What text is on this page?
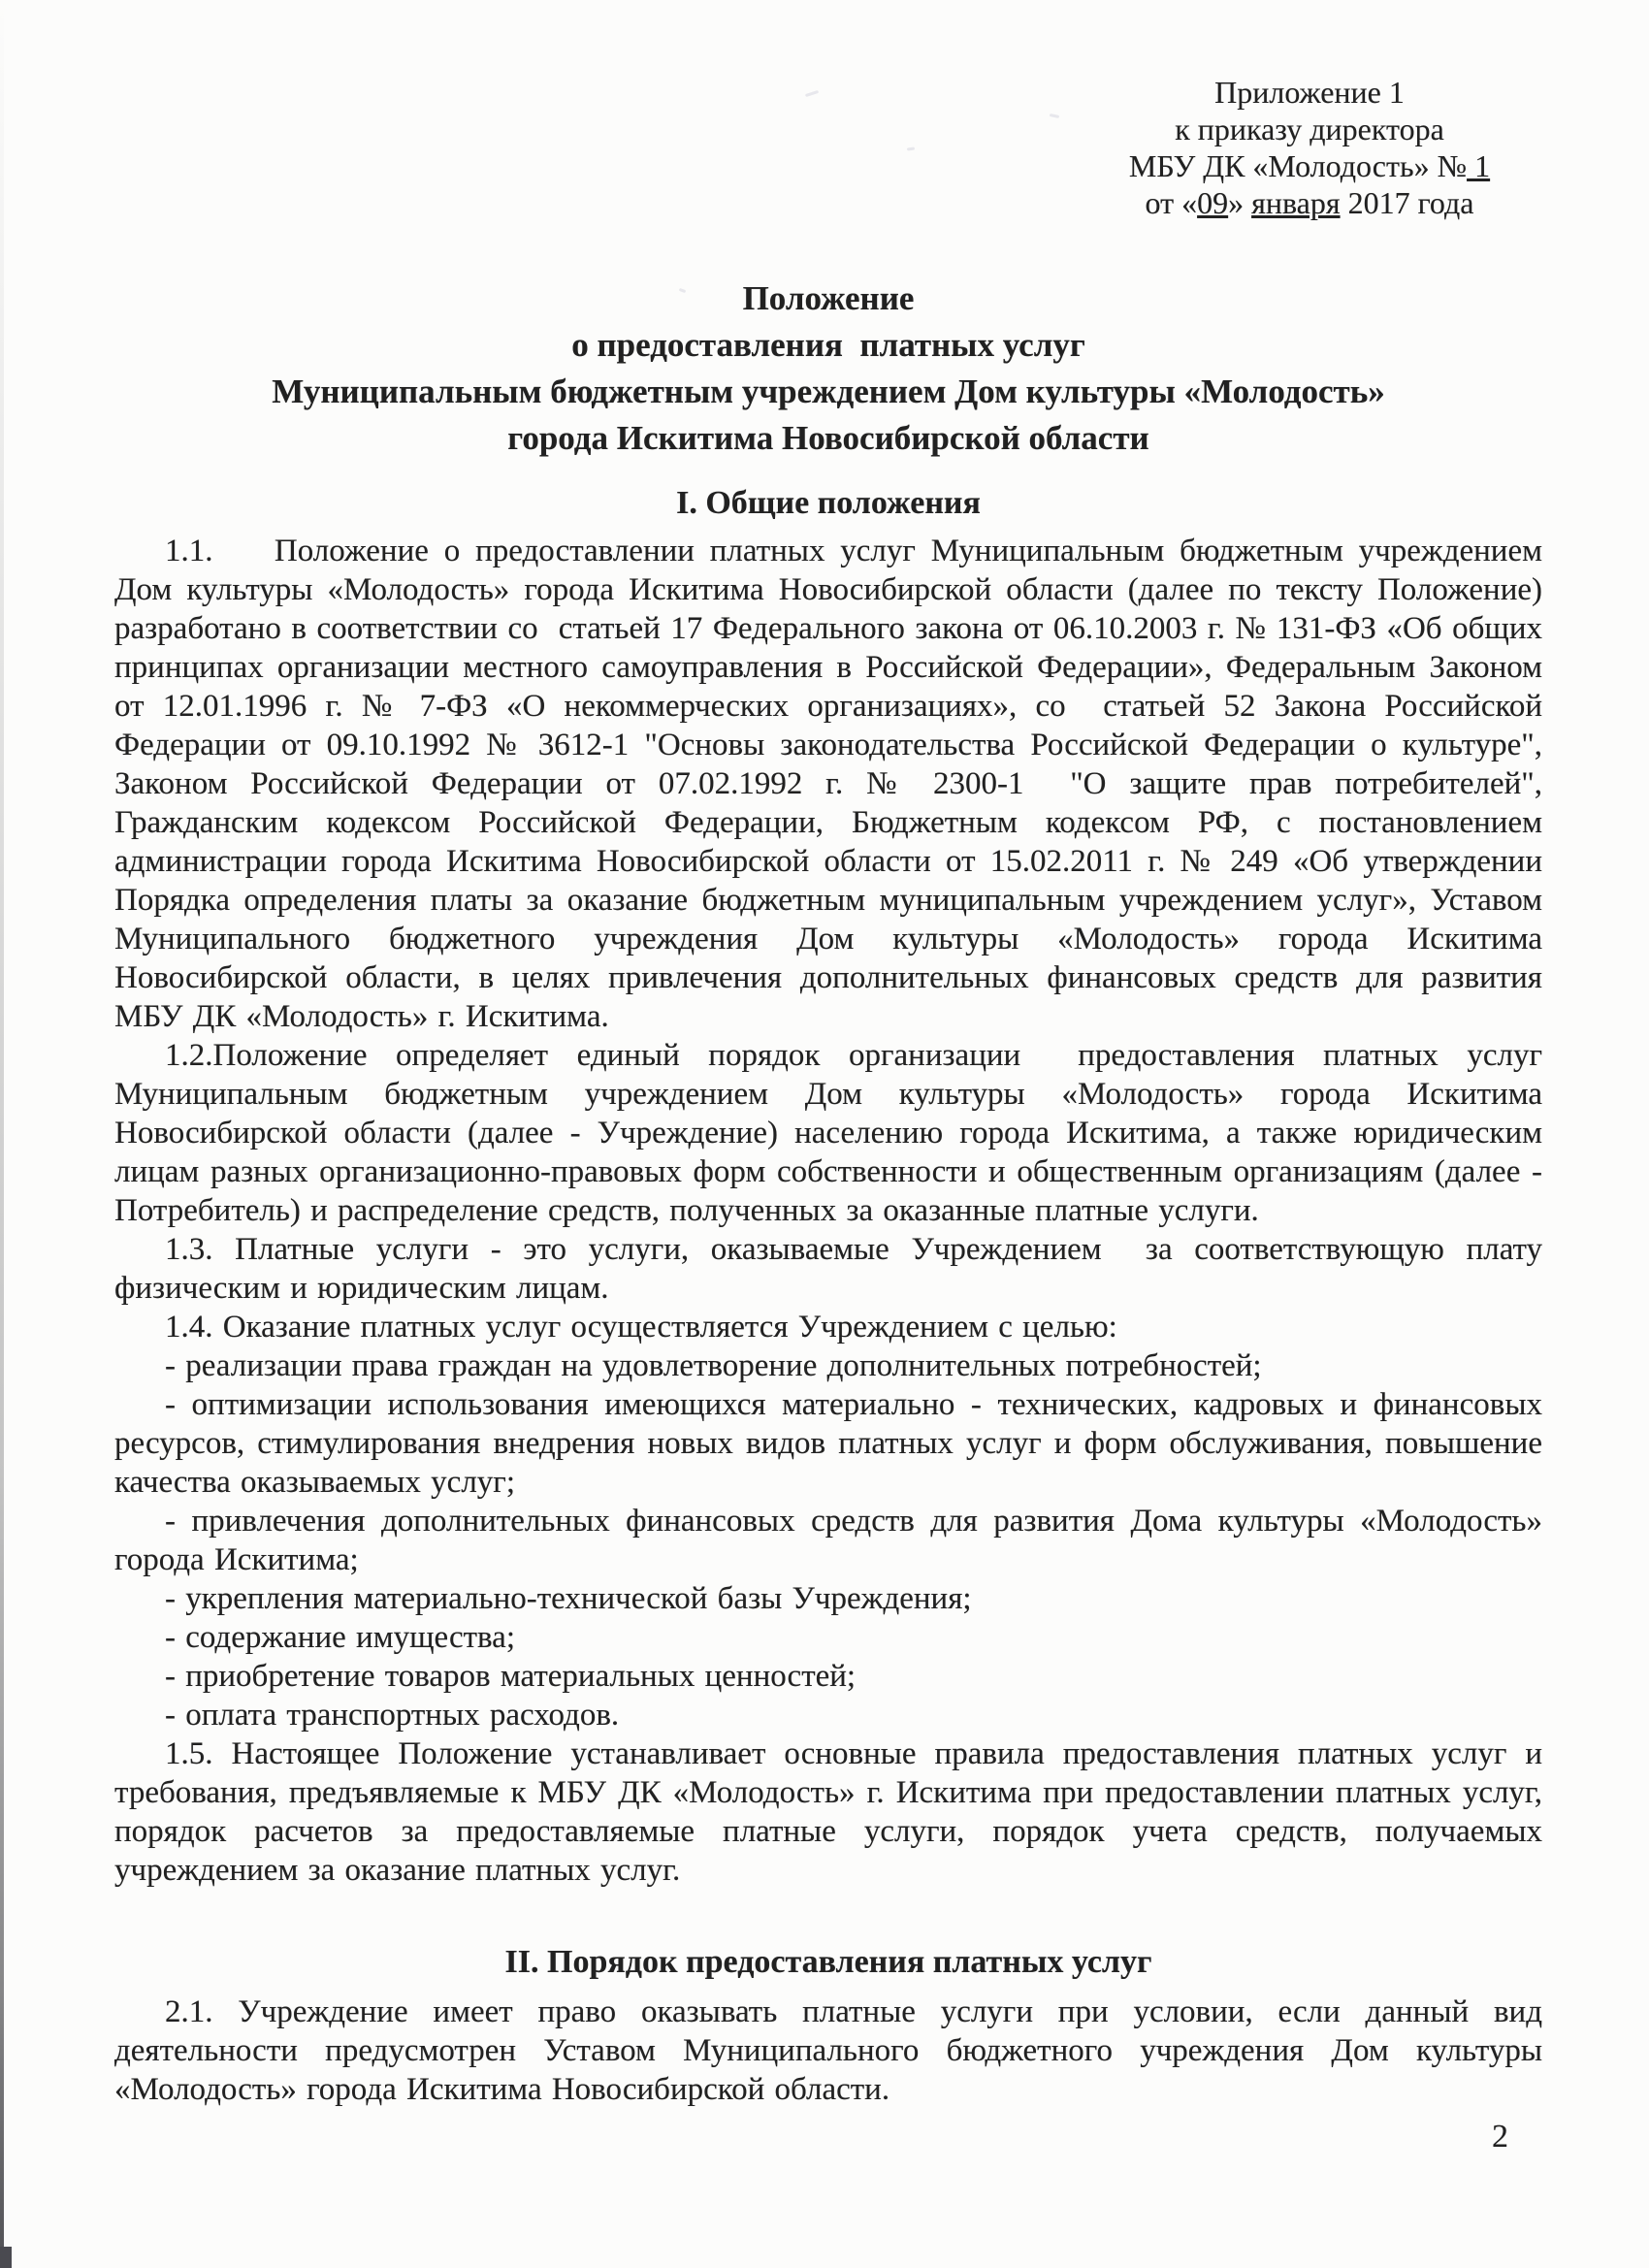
Приложение 1
к приказу директора
МБУ ДК «Молодость» № 1
от «09» января 2017 года
Положение
о предоставления  платных услуг
Муниципальным бюджетным учреждением Дом культуры «Молодость»
города Искитима Новосибирской области
I. Общие положения

1.1.    Положение о предоставлении платных услуг Муниципальным бюджетным учреждением Дом культуры «Молодость» города Искитима Новосибирской области (далее по тексту Положение) разработано в соответствии со  статьей 17 Федерального закона от 06.10.2003 г. № 131-ФЗ «Об общих принципах организации местного самоуправления в Российской Федерации», Федеральным Законом от 12.01.1996 г. № 7-ФЗ «О некоммерческих организациях», со  статьей 52 Закона Российской Федерации от 09.10.1992 № 3612-1 "Основы законодательства Российской Федерации о культуре", Законом Российской Федерации от 07.02.1992 г. № 2300-1  "О защите прав потребителей", Гражданским кодексом Российской Федерации, Бюджетным кодексом РФ, с постановлением администрации города Искитима Новосибирской области от 15.02.2011 г. № 249 «Об утверждении Порядка определения платы за оказание бюджетным муниципальным учреждением услуг», Уставом Муниципального бюджетного учреждения Дом культуры «Молодость» города Искитима Новосибирской области, в целях привлечения дополнительных финансовых средств для развития МБУ ДК «Молодость» г. Искитима.

1.2.Положение определяет единый порядок организации  предоставления платных услуг Муниципальным бюджетным учреждением Дом культуры «Молодость» города Искитима Новосибирской области (далее - Учреждение) населению города Искитима, а также юридическим лицам разных организационно-правовых форм собственности и общественным организациям (далее - Потребитель) и распределение средств, полученных за оказанные платные услуги.

1.3. Платные услуги - это услуги, оказываемые Учреждением  за соответствующую плату физическим и юридическим лицам.

1.4. Оказание платных услуг осуществляется Учреждением с целью:

- реализации права граждан на удовлетворение дополнительных потребностей;

- оптимизации использования имеющихся материально - технических, кадровых и финансовых ресурсов, стимулирования внедрения новых видов платных услуг и форм обслуживания, повышение качества оказываемых услуг;

- привлечения дополнительных финансовых средств для развития Дома культуры «Молодость» города Искитима;

- укрепления материально-технической базы Учреждения;

- содержание имущества;

- приобретение товаров материальных ценностей;

- оплата транспортных расходов.

1.5. Настоящее Положение устанавливает основные правила предоставления платных услуг и требования, предъявляемые к МБУ ДК «Молодость» г. Искитима при предоставлении платных услуг, порядок расчетов за предоставляемые платные услуги, порядок учета средств, получаемых учреждением за оказание платных услуг.

II. Порядок предоставления платных услуг

2.1. Учреждение имеет право оказывать платные услуги при условии, если данный вид деятельности предусмотрен Уставом Муниципального бюджетного учреждения Дом культуры «Молодость» города Искитима Новосибирской области.

2
